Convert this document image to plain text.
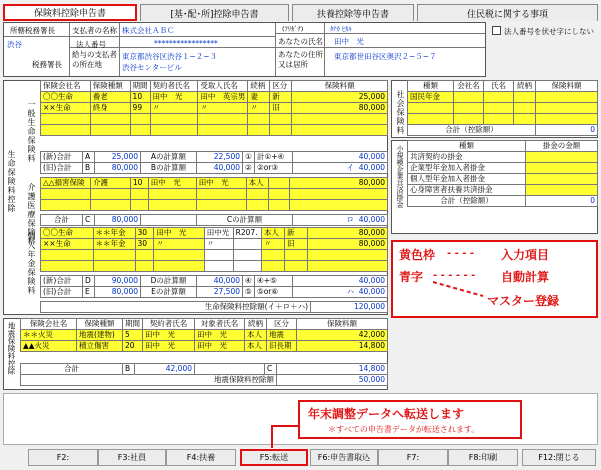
保険料控除申告書	[基･配･所]控除申告書	扶養控除等申告書	住民税に関する事項
所轄税務署長
渋谷
税務署長
支払者の名称 株式会社ＡＢＣ
法人番号	*****************
給与の支払者の所在地
東京都渋谷区渋谷１−２−３
渋谷センタービル
(ﾌﾘｶﾞﾅ)	ﾀﾅｶ ﾋｶﾙ
あなたの氏名 田中　光
あなたの住所又は居所
東京都世田谷区奥沢２−５−７
法人番号を伏せ字にしない
生命保険料控除
一般生命保険料
介護医療保険料
個人年金保険料
保険会社名	保険種類	期間	契約者氏名	受取人氏名	続柄	区分	保険料額
〇〇生命	養老	10	田中　光	田中　英宗男	妻	新	25,000
××生命	終身	99	〃	〃	〃	旧	80,000

(新)合計	A	25,000	Aの計算額	22,500	①	計①+④	40,000
(旧)合計	B	80,000	Bの計算額	40,000	②	②or③	イ 40,000
△△損害保険	介護	10	田中　光	田中　光	本人		80,000

合計	C	80,000		Cの計算額	ロ 40,000
〇〇生命	＊＊年金	30	田中　光	田中光	R207.	本人	新	80,000
××生命	＊＊年金	30	〃	〃		〃	旧	80,000

(新)合計	D	90,000	Dの計算額	40,000	④	④+⑤	40,000
(旧)合計	E	80,000	Eの計算額	27,500	⑤	⑤or⑥	ハ 40,000
生命保険料控除額(イ＋ロ＋ハ)	120,000
社会保険料
種類	会社名	氏名	続柄	保険料額
国民年金				

合計（控除額）				0
小規模企業共済掛金	種類	掛金の金額
共済契約の掛金	
企業型年金加入者掛金	
個人型年金加入者掛金	
心身障害者扶養共済掛金	
合計（控除額）	0
黄色枠 - - - - 入力項目
青字 - - - - - - 自動計算
マスター登録
地震保険料控除 保険会社名	保険種類	期間	契約者氏名	対象者氏名	続柄	区分	保険料額
＊＊火災	地震(建物)	5	田中　光	田中　光	本人	地震	42,000
▲▲火災	積立傷害	20	田中　光	田中　光	本人	旧長期	14,800
合計	B	42,000		C	14,800
地震保険料控除額					50,000
年末調整データへ転送します
＊すべての申告書データが転送されます。
F2:	F3:社員	F4:扶養	F5:転送	F6:申告書取込	F7:	F8:印刷	F12:閉じる
